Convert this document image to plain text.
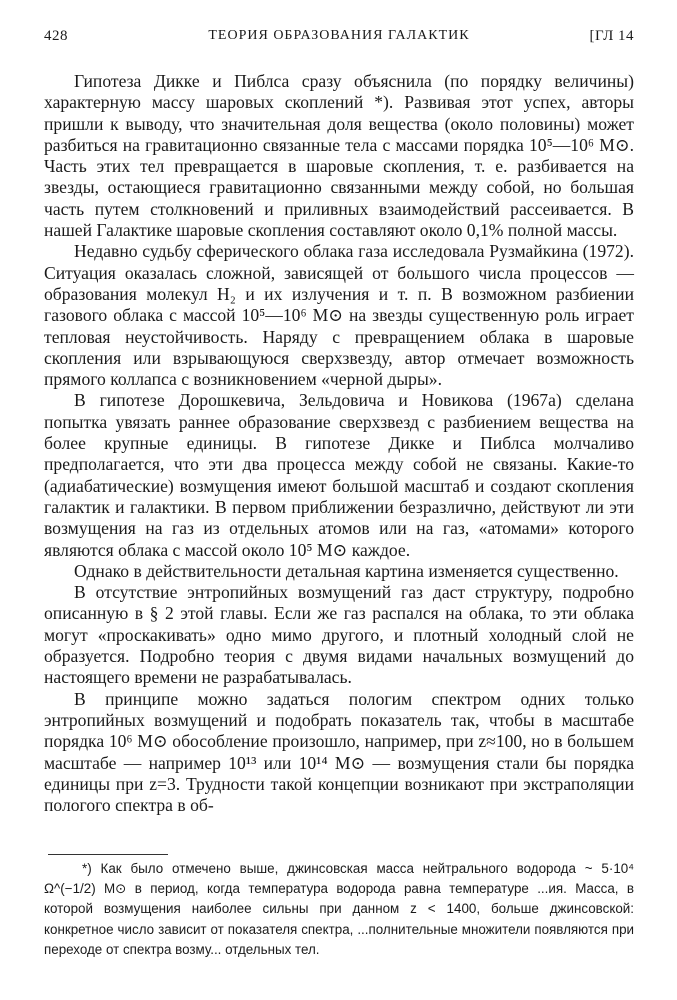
428	ТЕОРИЯ ОБРАЗОВАНИЯ ГАЛАКТИК	[ГЛ 14

Гипотеза Дикке и Пиблса сразу объяснила (по порядку величины) характерную массу шаровых скоплений *). Развивая этот успех, авторы пришли к выводу, что значительная доля вещества (около половины) может разбиться на гравитационно связанные тела с массами порядка 10⁵—10⁶ M⊙. Часть этих тел превращается в шаровые скопления, т. е. разбивается на звезды, остающиеся гравитационно связанными между собой, но большая часть путем столкновений и приливных взаимодействий рассеивается. В нашей Галактике шаровые скопления составляют около 0,1% полной массы.

Недавно судьбу сферического облака газа исследовала Рузмайкина (1972). Ситуация оказалась сложной, зависящей от большого числа процессов — образования молекул H₂ и их излучения и т. п. В возможном разбиении газового облака с массой 10⁵—10⁶ M⊙ на звезды существенную роль играет тепловая неустойчивость. Наряду с превращением облака в шаровые скопления или взрывающуюся сверхзвезду, автор отмечает возможность прямого коллапса с возникновением «черной дыры».

В гипотезе Дорошкевича, Зельдовича и Новикова (1967а) сделана попытка увязать раннее образование сверхзвезд с разбиением вещества на более крупные единицы. В гипотезе Дикке и Пиблса молчаливо предполагается, что эти два процесса между собой не связаны. Какие-то (адиабатические) возмущения имеют большой масштаб и создают скопления галактик и галактики. В первом приближении безразлично, действуют ли эти возмущения на газ из отдельных атомов или на газ, «атомами» которого являются облака с массой около 10⁵ M⊙ каждое.

Однако в действительности детальная картина изменяется существенно.

В отсутствие энтропийных возмущений газ даст структуру, подробно описанную в § 2 этой главы. Если же газ распался на облака, то эти облака могут «проскакивать» одно мимо другого, и плотный холодный слой не образуется. Подробно теория с двумя видами начальных возмущений до настоящего времени не разрабатывалась.

В принципе можно задаться пологим спектром одних только энтропийных возмущений и подобрать показатель так, чтобы в масштабе порядка 10⁶ M⊙ обособление произошло, например, при z≈100, но в большем масштабе — например 10¹³ или 10¹⁴ M⊙ — возмущения стали бы порядка единицы при z=3. Трудности такой концепции возникают при экстраполяции пологого спектра в об-

*) Как было отмечено выше, джинсовская масса нейтрального водорода ~ 5·10⁴ Ω^(−1/2) M⊙ в период, когда температура водорода равна температуре ...ия. Масса, в которой возмущения наиболее сильны при данном z < 1400, больше джинсовской: конкретное число зависит от показателя спектра, ...полнительные множители появляются при переходе от спектра возму... отдельных тел.
